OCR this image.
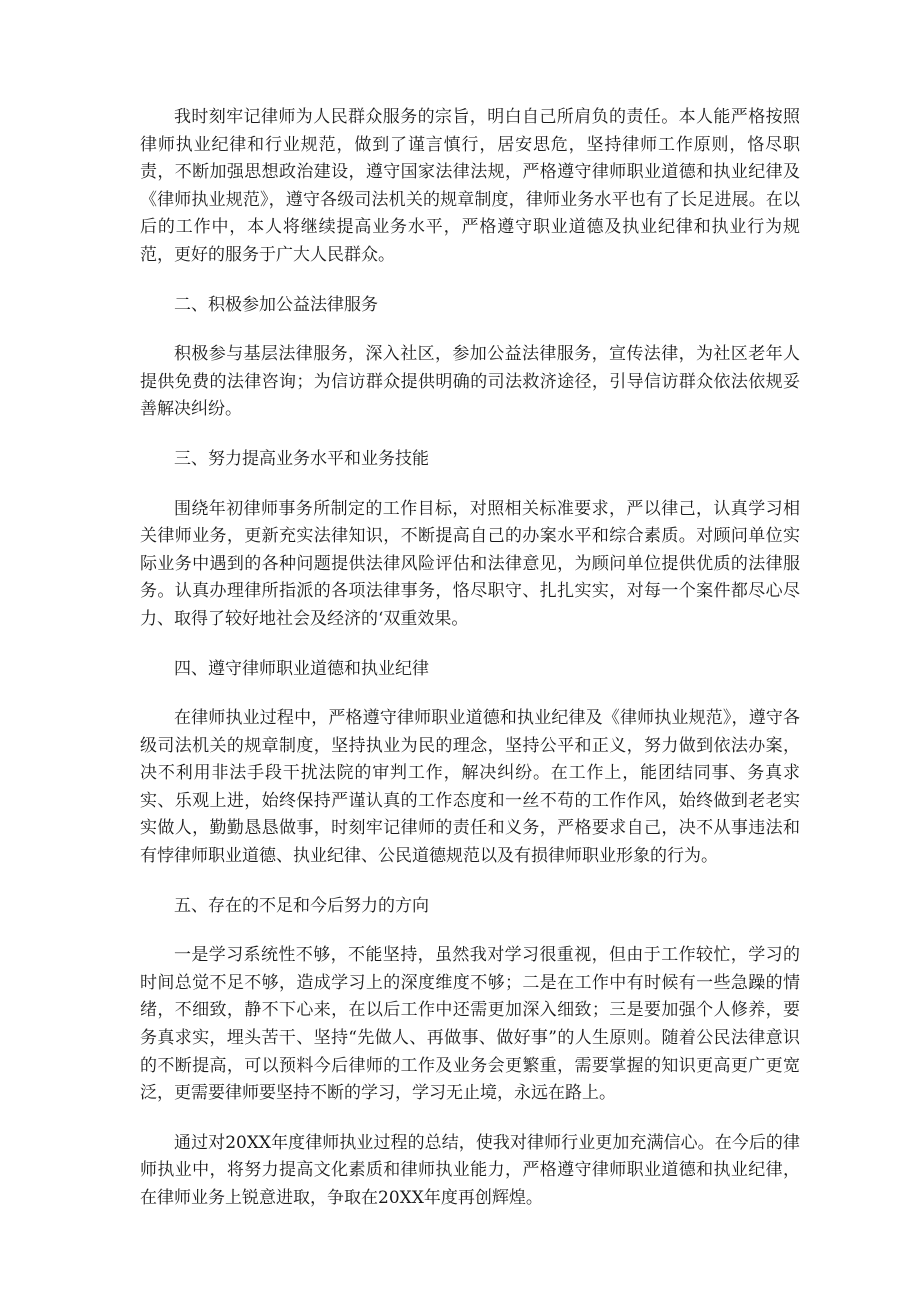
我时刻牢记律师为人民群众服务的宗旨，明白自己所肩负的责任。本人能严格按照律师执业纪律和行业规范，做到了谨言慎行，居安思危，坚持律师工作原则，恪尽职责，不断加强思想政治建设，遵守国家法律法规，严格遵守律师职业道德和执业纪律及《律师执业规范》，遵守各级司法机关的规章制度，律师业务水平也有了长足进展。在以后的工作中，本人将继续提高业务水平，严格遵守职业道德及执业纪律和执业行为规范，更好的服务于广大人民群众。

二、积极参加公益法律服务

积极参与基层法律服务，深入社区，参加公益法律服务，宣传法律，为社区老年人提供免费的法律咨询；为信访群众提供明确的司法救济途径，引导信访群众依法依规妥善解决纠纷。

三、努力提高业务水平和业务技能

围绕年初律师事务所制定的工作目标，对照相关标准要求，严以律己，认真学习相关律师业务，更新充实法律知识，不断提高自己的办案水平和综合素质。对顾问单位实际业务中遇到的各种问题提供法律风险评估和法律意见，为顾问单位提供优质的法律服务。认真办理律所指派的各项法律事务，恪尽职守、扎扎实实，对每一个案件都尽心尽力、取得了较好地社会及经济的‘双重效果。

四、遵守律师职业道德和执业纪律

在律师执业过程中，严格遵守律师职业道德和执业纪律及《律师执业规范》，遵守各级司法机关的规章制度，坚持执业为民的理念，坚持公平和正义，努力做到依法办案，决不利用非法手段干扰法院的审判工作，解决纠纷。在工作上，能团结同事、务真求实、乐观上进，始终保持严谨认真的工作态度和一丝不苟的工作作风，始终做到老老实实做人，勤勤恳恳做事，时刻牢记律师的责任和义务，严格要求自己，决不从事违法和有悖律师职业道德、执业纪律、公民道德规范以及有损律师职业形象的行为。

五、存在的不足和今后努力的方向

一是学习系统性不够，不能坚持，虽然我对学习很重视，但由于工作较忙，学习的时间总觉不足不够，造成学习上的深度维度不够；二是在工作中有时候有一些急躁的情绪，不细致，静不下心来，在以后工作中还需更加深入细致；三是要加强个人修养，要务真求实，埋头苦干、坚持“先做人、再做事、做好事”的人生原则。随着公民法律意识的不断提高，可以预料今后律师的工作及业务会更繁重，需要掌握的知识更高更广更宽泛，更需要律师要坚持不断的学习，学习无止境，永远在路上。

通过对20XX年度律师执业过程的总结，使我对律师行业更加充满信心。在今后的律师执业中，将努力提高文化素质和律师执业能力，严格遵守律师职业道德和执业纪律，在律师业务上锐意进取，争取在20XX年度再创辉煌。
